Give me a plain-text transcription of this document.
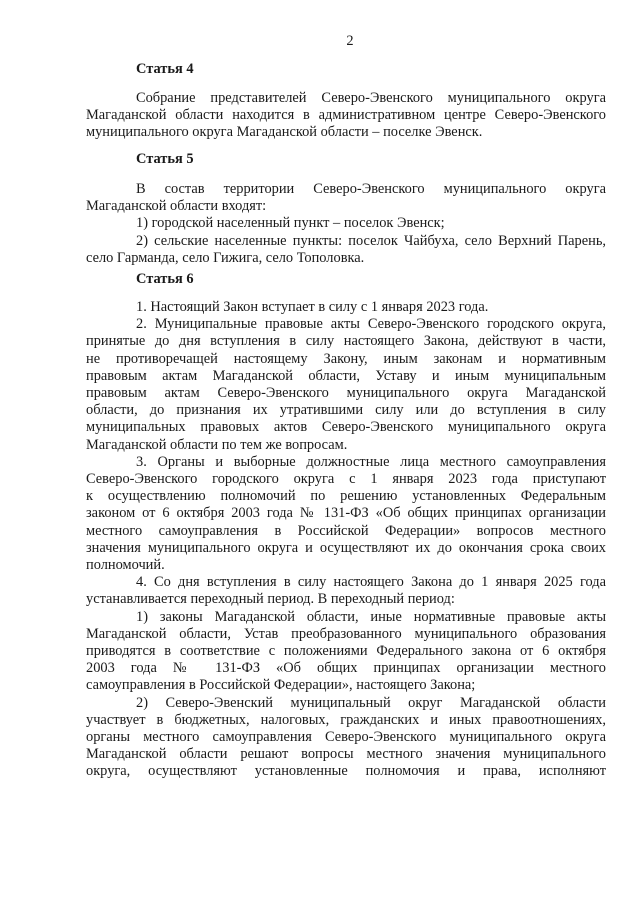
2
Статья 4
Собрание представителей Северо-Эвенского муниципального округа
Магаданской области находится в административном центре Северо-Эвенского
муниципального округа Магаданской области – поселке Эвенск.
Статья 5
В состав территории Северо-Эвенского муниципального округа
Магаданской области входят:
1) городской населенный пункт – поселок Эвенск;
2) сельские населенные пункты: поселок Чайбуха, село Верхний Парень,
село Гарманда, село Гижига, село Тополовка.
Статья 6
1. Настоящий Закон вступает в силу с 1 января 2023 года.
2. Муниципальные правовые акты Северо-Эвенского городского округа,
принятые до дня вступления в силу настоящего Закона, действуют в части,
не противоречащей настоящему Закону, иным законам и нормативным
правовым актам Магаданской области, Уставу и иным муниципальным
правовым актам Северо-Эвенского муниципального округа Магаданской
области, до признания их утратившими силу или до вступления в силу
муниципальных правовых актов Северо-Эвенского муниципального округа
Магаданской области по тем же вопросам.
3. Органы и выборные должностные лица местного самоуправления
Северо-Эвенского городского округа с 1 января 2023 года приступают
к осуществлению полномочий по решению установленных Федеральным
законом от 6 октября 2003 года № 131-ФЗ «Об общих принципах организации
местного самоуправления в Российской Федерации» вопросов местного
значения муниципального округа и осуществляют их до окончания срока своих
полномочий.
4. Со дня вступления в силу настоящего Закона до 1 января 2025 года
устанавливается переходный период. В переходный период:
1) законы Магаданской области, иные нормативные правовые акты
Магаданской области, Устав преобразованного муниципального образования
приводятся в соответствие с положениями Федерального закона от 6 октября
2003 года № 131-ФЗ «Об общих принципах организации местного
самоуправления в Российской Федерации», настоящего Закона;
2) Северо-Эвенский муниципальный округ Магаданской области
участвует в бюджетных, налоговых, гражданских и иных правоотношениях,
органы местного самоуправления Северо-Эвенского муниципального округа
Магаданской области решают вопросы местного значения муниципального
округа, осуществляют установленные полномочия и права, исполняют
